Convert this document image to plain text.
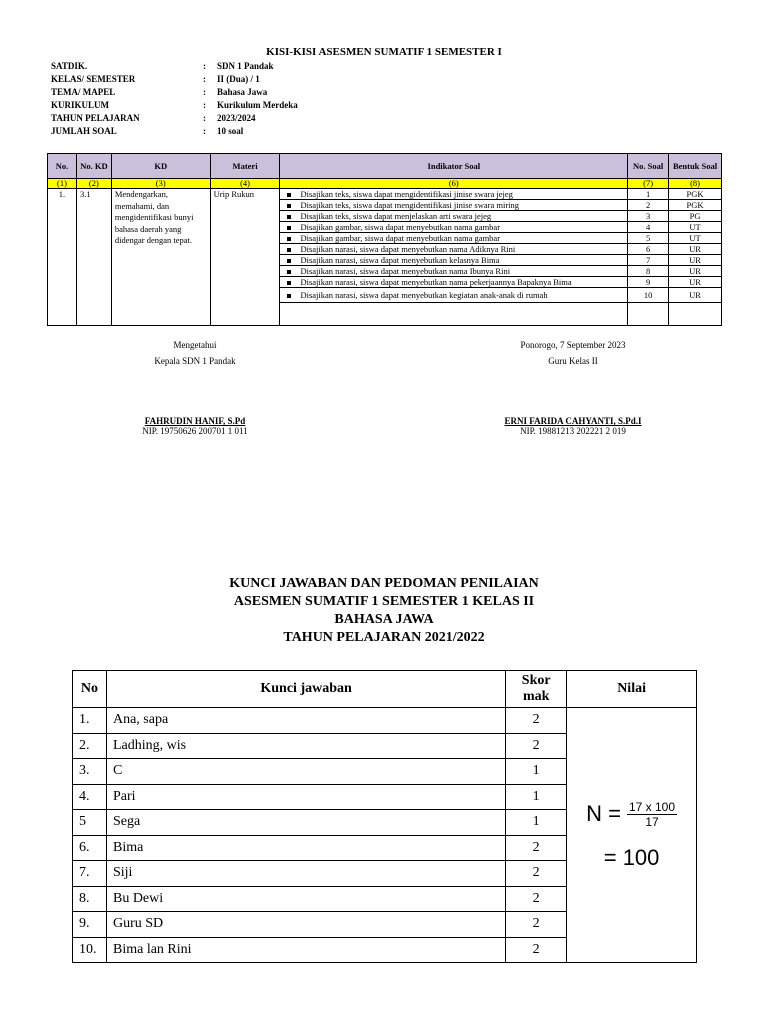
KISI-KISI ASESMEN SUMATIF 1 SEMESTER I
SATDIK.	:	SDN 1 Pandak
KELAS/ SEMESTER	:	II (Dua) / 1
TEMA/ MAPEL	:	Bahasa Jawa
KURIKULUM	:	Kurikulum Merdeka
TAHUN PELAJARAN	:	2023/2024
JUMLAH SOAL	:	10 soal
No.	No. KD	KD	Materi	Indikator Soal	No. Soal	Bentuk Soal
(1)	(2)	(3)	(4)	(6)	(7)	(8)
1.	3.1	Mendengarkan, memahami, dan mengidentifikasi bunyi bahasa daerah yang didengar dengan tepat.	Urip Rukun	Disajikan teks, siswa dapat mengidentifikasi jinise swara jejeg	1	PGK
				Disajikan teks, siswa dapat mengidentifikasi jinise swara miring	2	PGK
				Disajikan teks, siswa dapat menjelaskan arti swara jejeg	3	PG
				Disajikan gambar, siswa dapat menyebutkan nama gambar	4	UT
				Disajikan gambar, siswa dapat menyebutkan nama gambar	5	UT
				Disajikan narasi, siswa dapat menyebutkan nama Adiknya Rini	6	UR
				Disajikan narasi, siswa dapat menyebutkan kelasnya Bima	7	UR
				Disajikan narasi, siswa dapat menyebutkan nama Ibunya Rini	8	UR
				Disajikan narasi, siswa dapat menyebutkan nama pekerjaannya Bapaknya Bima	9	UR
				Disajikan narasi, siswa dapat menyebutkan kegiatan anak-anak di rumah	10	UR

Mengetahui
Kepala SDN 1 Pandak
FAHRUDIN HANIF, S.Pd
NIP. 19750626 200701 1 011
Ponorogo, 7 September 2023
Guru Kelas II
ERNI FARIDA CAHYANTI, S.Pd.I
NIP. 19881213 202221 2 019
KUNCI JAWABAN DAN PEDOMAN PENILAIAN
ASESMEN SUMATIF 1 SEMESTER 1 KELAS II
BAHASA JAWA
TAHUN PELAJARAN 2021/2022
No	Kunci jawaban	Skor mak	Nilai
1.	Ana, sapa	2	$N = \frac{17 x 100}{17}$
= 100

2.	Ladhing, wis	2	
3.	C	1	
4.	Pari	1	
5	Sega	1	
6.	Bima	2	
7.	Siji	2	
8.	Bu Dewi	2	
9.	Guru SD	2	
10.	Bima lan Rini	2	
